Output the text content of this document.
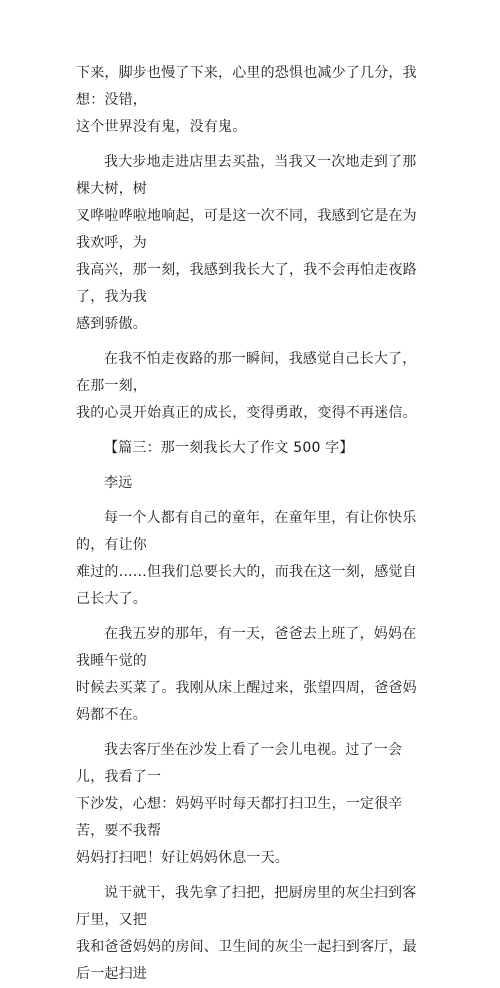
下来，脚步也慢了下来，心里的恐惧也减少了几分，我想：没错，
这个世界没有鬼，没有鬼。

我大步地走进店里去买盐，当我又一次地走到了那棵大树，树
叉哗啦哗啦地响起，可是这一次不同，我感到它是在为我欢呼，为
我高兴，那一刻，我感到我长大了，我不会再怕走夜路了，我为我
感到骄傲。

在我不怕走夜路的那一瞬间，我感觉自己长大了，在那一刻，
我的心灵开始真正的成长，变得勇敢，变得不再迷信。

【篇三：那一刻我长大了作文 500 字】

李远

每一个人都有自己的童年，在童年里，有让你快乐的，有让你
难过的……但我们总要长大的，而我在这一刻，感觉自己长大了。

在我五岁的那年，有一天，爸爸去上班了，妈妈在我睡午觉的
时候去买菜了。我刚从床上醒过来，张望四周，爸爸妈妈都不在。

我去客厅坐在沙发上看了一会儿电视。过了一会儿，我看了一
下沙发，心想：妈妈平时每天都打扫卫生，一定很辛苦，要不我帮
妈妈打扫吧！好让妈妈休息一天。

说干就干，我先拿了扫把，把厨房里的灰尘扫到客厅里，又把
我和爸爸妈妈的房间、卫生间的灰尘一起扫到客厅，最后一起扫进
